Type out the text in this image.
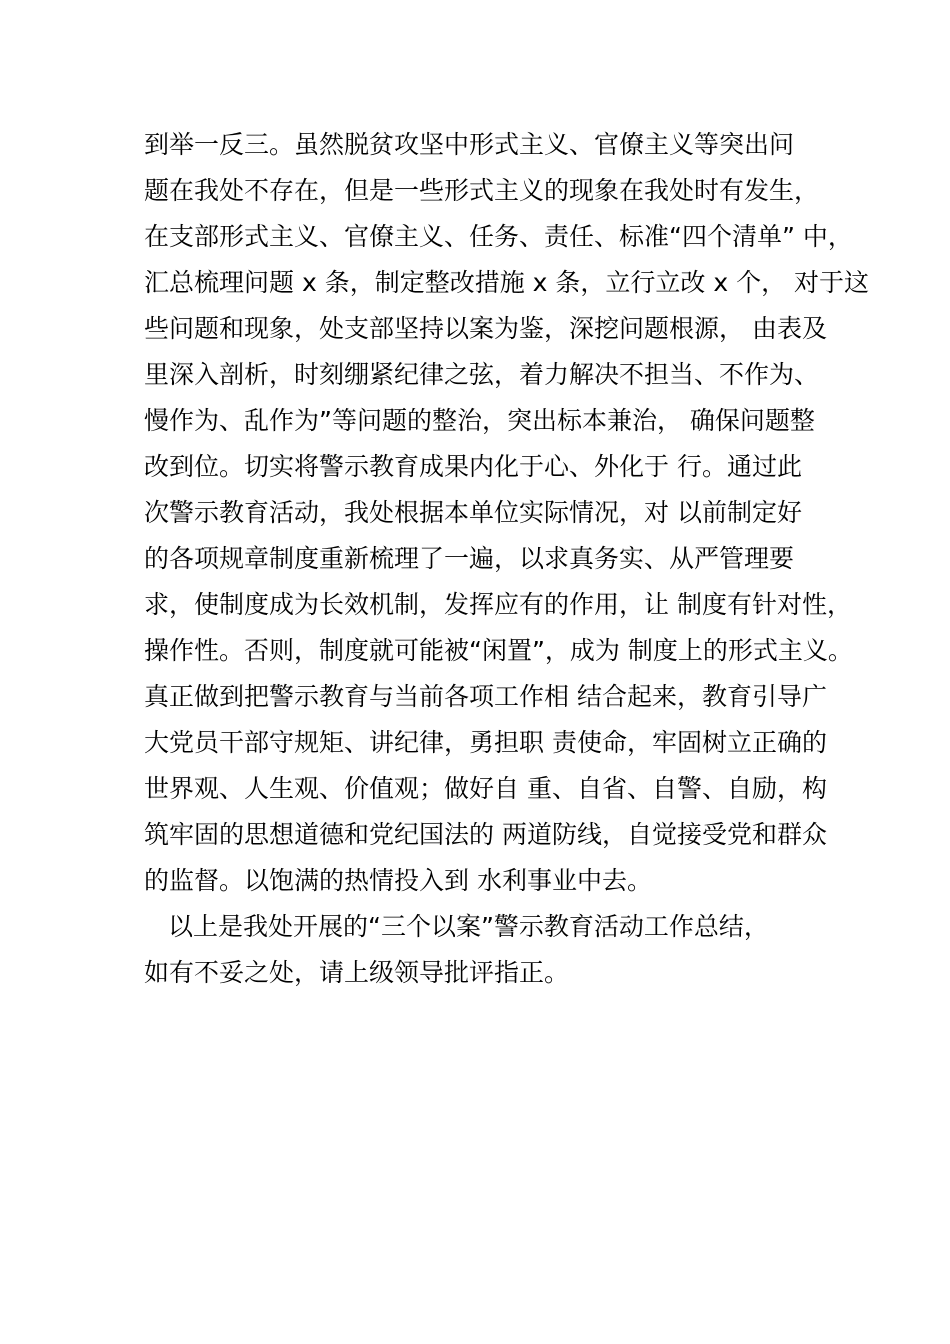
到举一反三。虽然脱贫攻坚中形式主义、官僚主义等突出问
题在我处不存在，但是一些形式主义的现象在我处时有发生，
在支部形式主义、官僚主义、任务、责任、标准“四个清单” 中，
汇总梳理问题 x 条，制定整改措施 x 条，立行立改 x 个， 对于这
些问题和现象，处支部坚持以案为鉴，深挖问题根源， 由表及
里深入剖析，时刻绷紧纪律之弦，着力解决不担当、不作为、
慢作为、乱作为”等问题的整治，突出标本兼治， 确保问题整
改到位。切实将警示教育成果内化于心、外化于 行。通过此
次警示教育活动，我处根据本单位实际情况，对 以前制定好
的各项规章制度重新梳理了一遍，以求真务实、从严管理要
求，使制度成为长效机制，发挥应有的作用，让 制度有针对性，
操作性。否则，制度就可能被“闲置”，成为 制度上的形式主义。
真正做到把警示教育与当前各项工作相 结合起来，教育引导广
大党员干部守规矩、讲纪律，勇担职 责使命，牢固树立正确的
世界观、人生观、价值观；做好自 重、自省、自警、自励，构
筑牢固的思想道德和党纪国法的 两道防线，自觉接受党和群众
的监督。以饱满的热情投入到 水利事业中去。
以上是我处开展的“三个以案”警示教育活动工作总结，
如有不妥之处，请上级领导批评指正。
